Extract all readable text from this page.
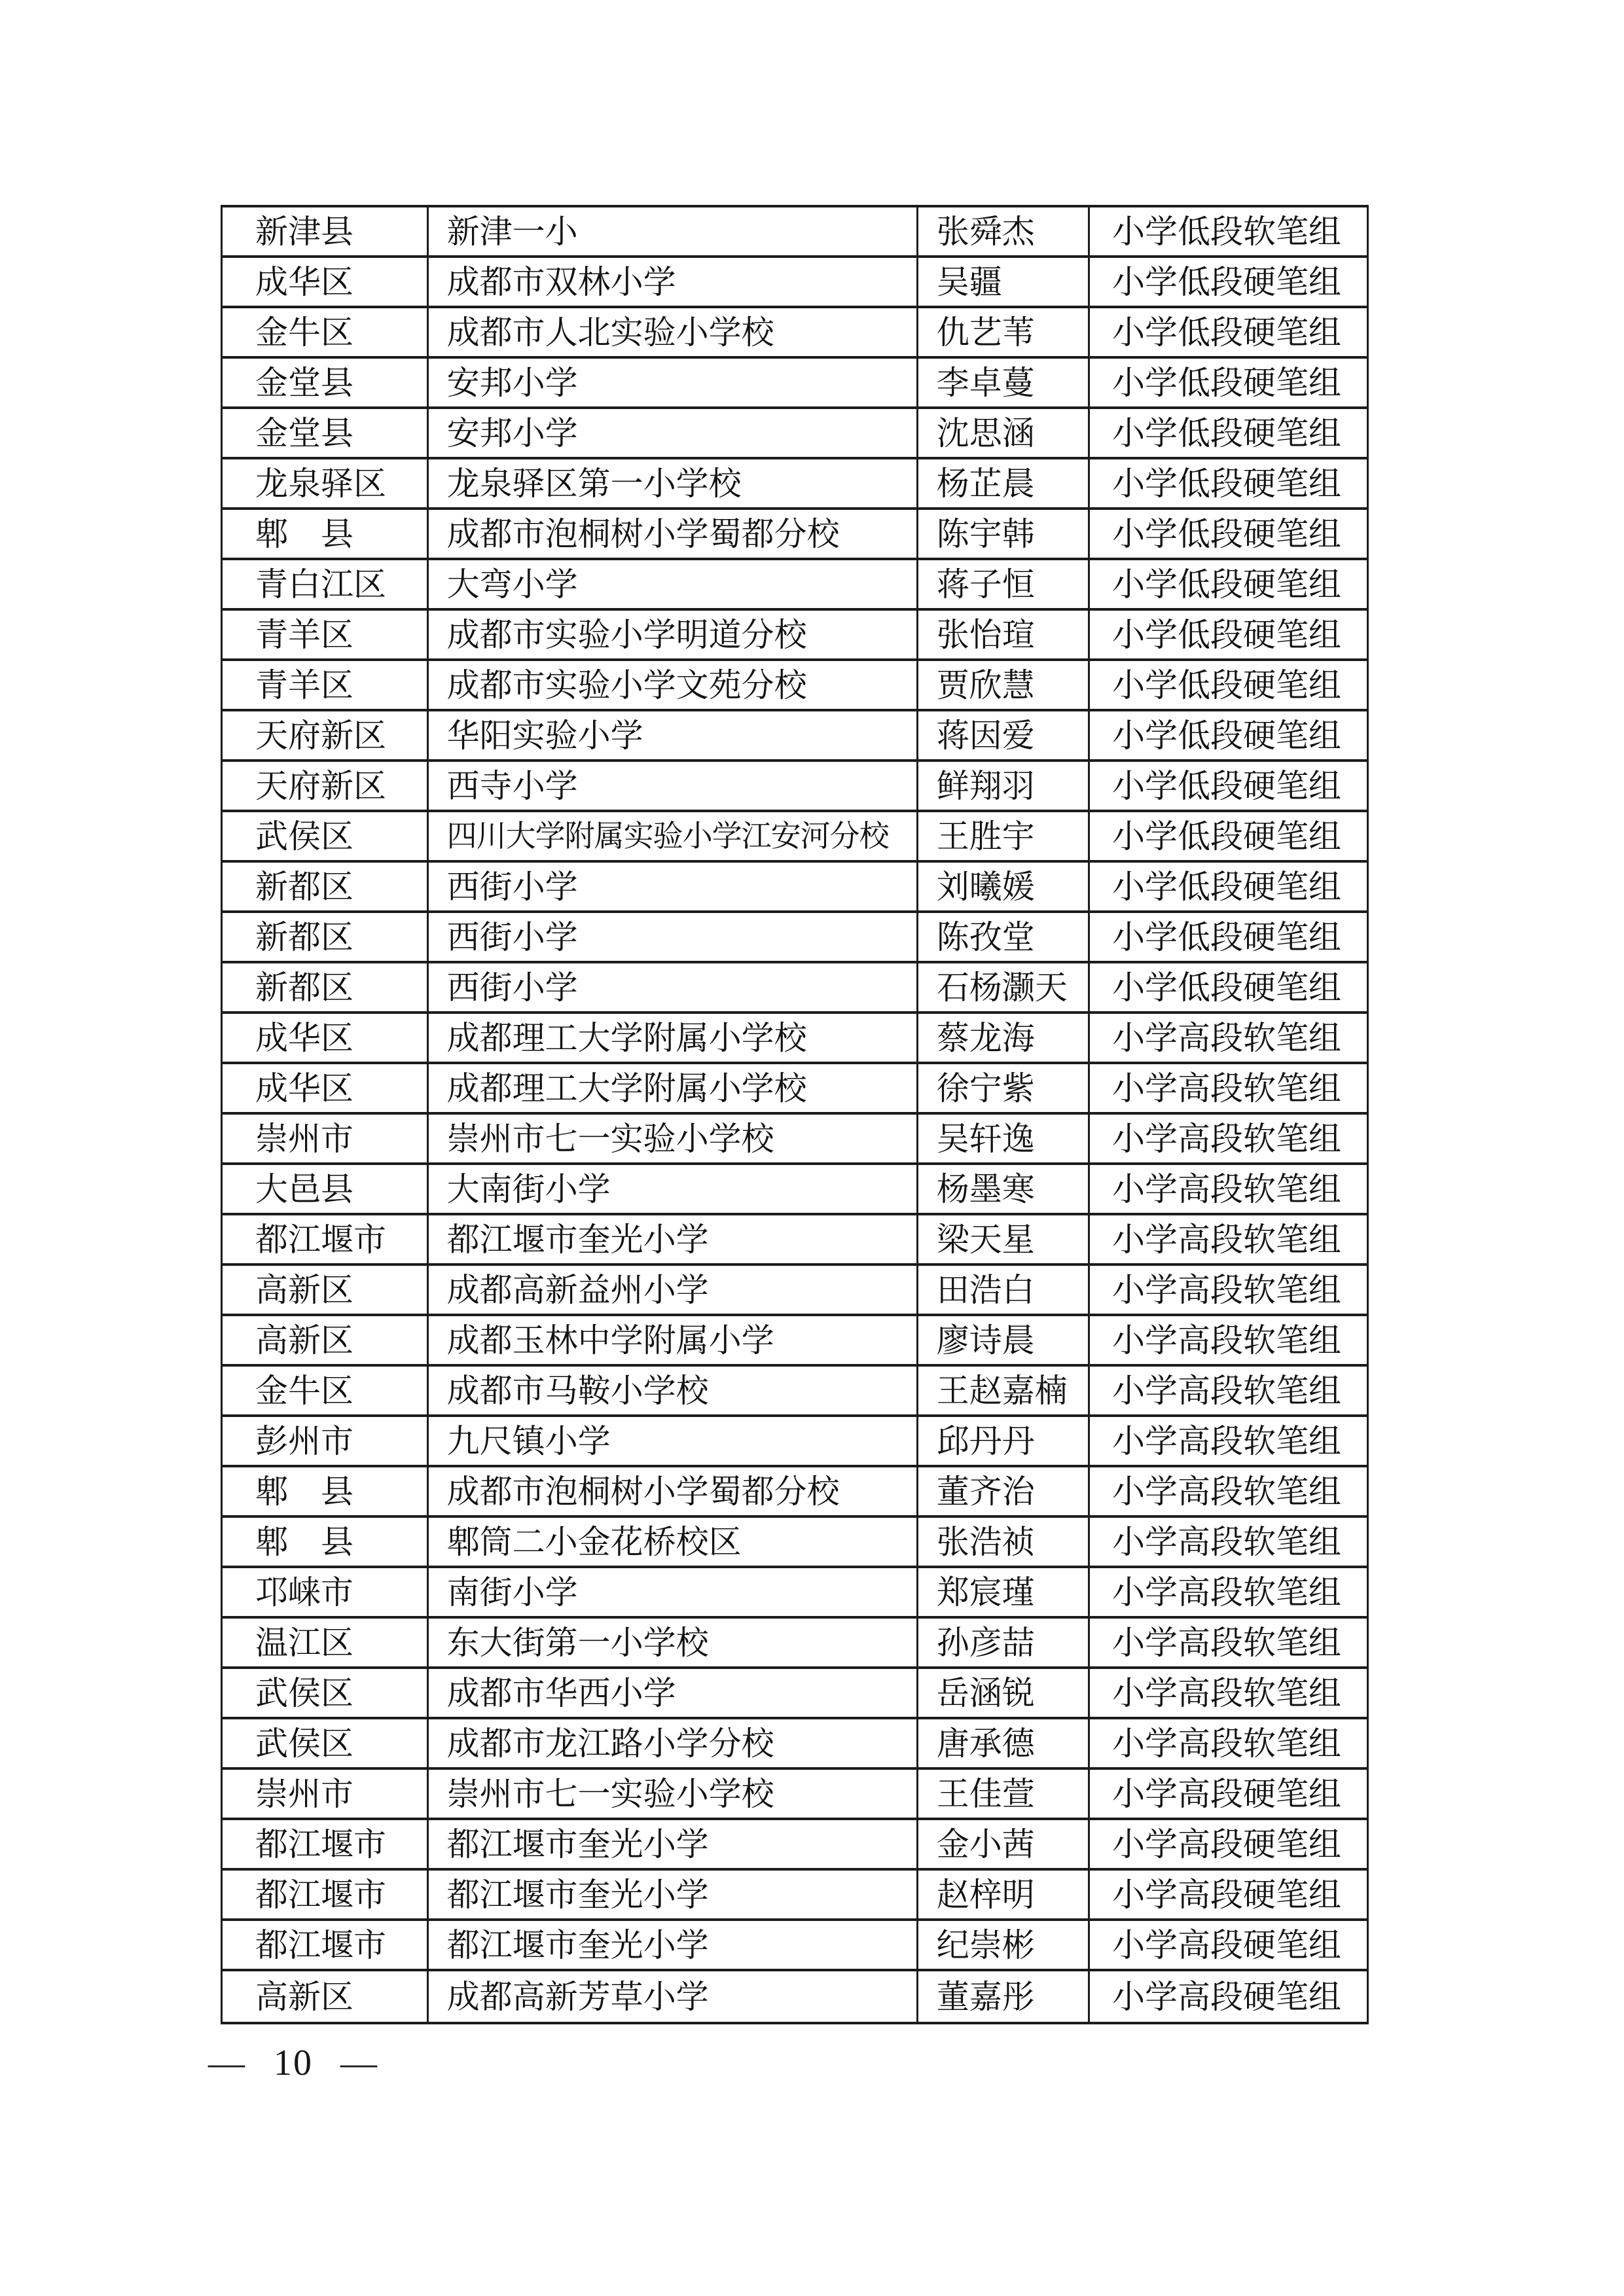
新津县	新津一小	张舜杰	小学低段软笔组
成华区	成都市双林小学	吴疆	小学低段硬笔组
金牛区	成都市人北实验小学校	仇艺苇	小学低段硬笔组
金堂县	安邦小学	李卓蔓	小学低段硬笔组
金堂县	安邦小学	沈思涵	小学低段硬笔组
龙泉驿区	龙泉驿区第一小学校	杨芷晨	小学低段硬笔组
郫　县	成都市泡桐树小学蜀都分校	陈宇韩	小学低段硬笔组
青白江区	大弯小学	蒋子恒	小学低段硬笔组
青羊区	成都市实验小学明道分校	张怡瑄	小学低段硬笔组
青羊区	成都市实验小学文苑分校	贾欣慧	小学低段硬笔组
天府新区	华阳实验小学	蒋因爱	小学低段硬笔组
天府新区	西寺小学	鲜翔羽	小学低段硬笔组
武侯区	四川大学附属实验小学江安河分校	王胜宇	小学低段硬笔组
新都区	西街小学	刘曦媛	小学低段硬笔组
新都区	西街小学	陈孜堂	小学低段硬笔组
新都区	西街小学	石杨灏天	小学低段硬笔组
成华区	成都理工大学附属小学校	蔡龙海	小学高段软笔组
成华区	成都理工大学附属小学校	徐宁紫	小学高段软笔组
崇州市	崇州市七一实验小学校	吴轩逸	小学高段软笔组
大邑县	大南街小学	杨墨寒	小学高段软笔组
都江堰市	都江堰市奎光小学	梁天星	小学高段软笔组
高新区	成都高新益州小学	田浩白	小学高段软笔组
高新区	成都玉林中学附属小学	廖诗晨	小学高段软笔组
金牛区	成都市马鞍小学校	王赵嘉楠	小学高段软笔组
彭州市	九尺镇小学	邱丹丹	小学高段软笔组
郫　县	成都市泡桐树小学蜀都分校	董齐治	小学高段软笔组
郫　县	郫筒二小金花桥校区	张浩祯	小学高段软笔组
邛崃市	南街小学	郑宸瑾	小学高段软笔组
温江区	东大街第一小学校	孙彦喆	小学高段软笔组
武侯区	成都市华西小学	岳涵锐	小学高段软笔组
武侯区	成都市龙江路小学分校	唐承德	小学高段软笔组
崇州市	崇州市七一实验小学校	王佳萱	小学高段硬笔组
都江堰市	都江堰市奎光小学	金小茜	小学高段硬笔组
都江堰市	都江堰市奎光小学	赵梓明	小学高段硬笔组
都江堰市	都江堰市奎光小学	纪崇彬	小学高段硬笔组
高新区	成都高新芳草小学	董嘉彤	小学高段硬笔组
— 10 —
